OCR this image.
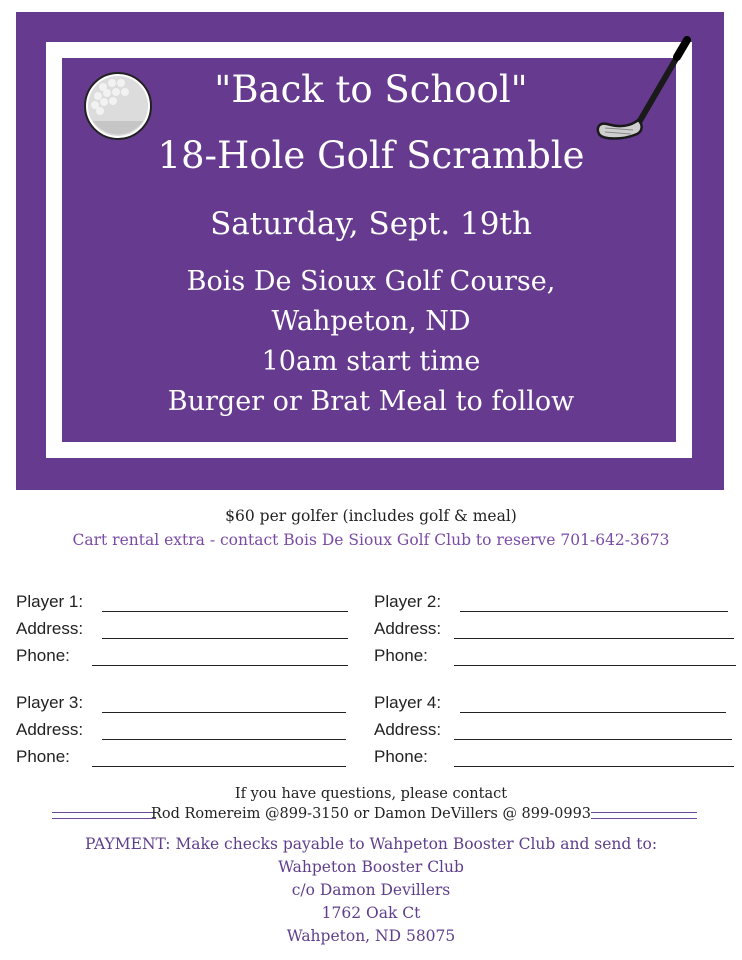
"Back to School"
18-Hole Golf Scramble
Saturday, Sept. 19th
Bois De Sioux Golf Course,
Wahpeton, ND
10am start time
Burger or Brat Meal to follow
$60 per golfer (includes golf & meal)
Cart rental extra - contact Bois De Sioux Golf Club to reserve 701-642-3673
Player 1:
Address:
Phone:
Player 2:
Address:
Phone:
Player 3:
Address:
Phone:
Player 4:
Address:
Phone:
If you have questions, please contact
Rod Romereim @899-3150 or Damon DeVillers @ 899-0993
PAYMENT: Make checks payable to Wahpeton Booster Club and send to:
Wahpeton Booster Club
c/o Damon Devillers
1762 Oak Ct
Wahpeton, ND 58075
